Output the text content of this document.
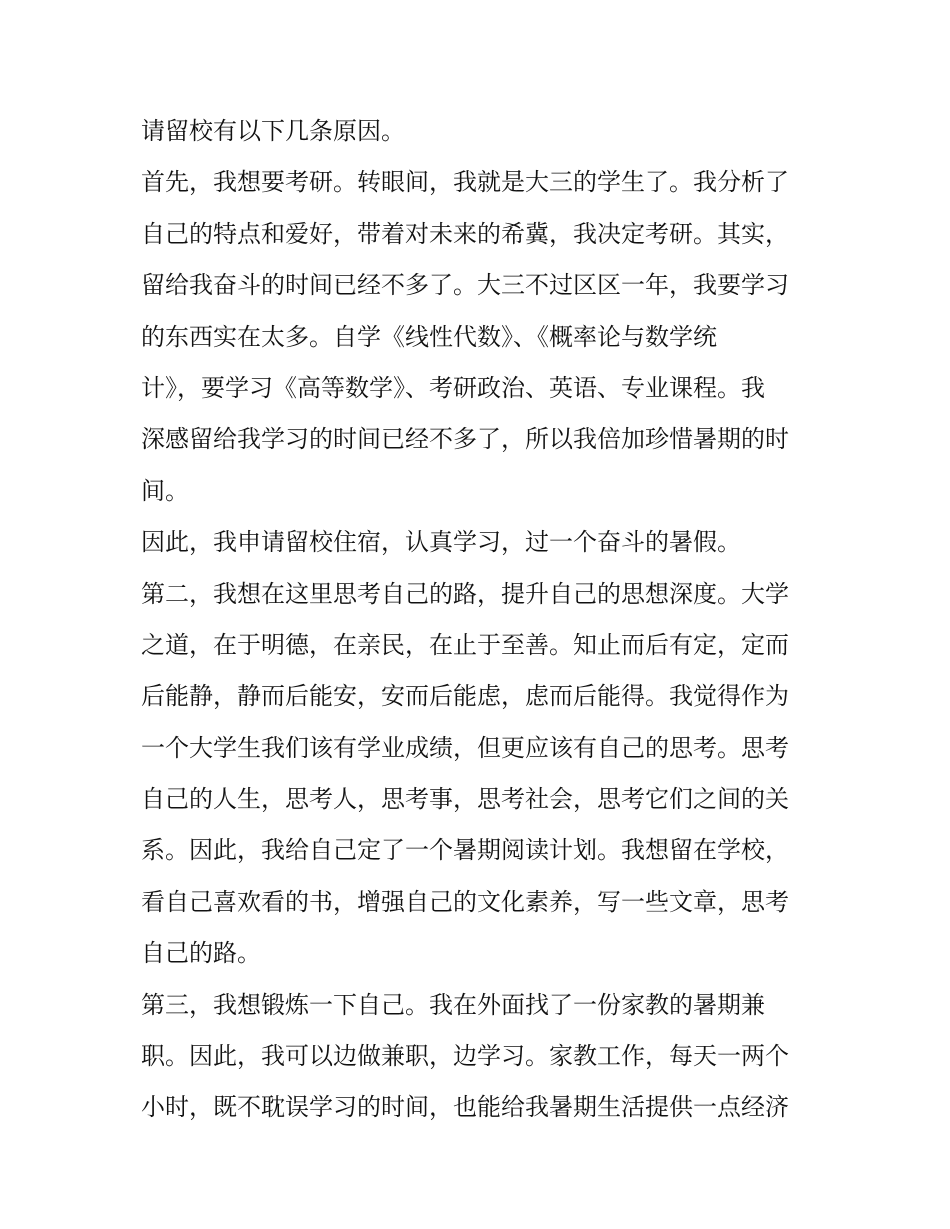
请留校有以下几条原因。
首先，我想要考研。转眼间，我就是大三的学生了。我分析了
自己的特点和爱好，带着对未来的希冀，我决定考研。其实，
留给我奋斗的时间已经不多了。大三不过区区一年，我要学习
的东西实在太多。自学《线性代数》、《概率论与数学统
计》，要学习《高等数学》、考研政治、英语、专业课程。我
深感留给我学习的时间已经不多了，所以我倍加珍惜暑期的时
间。
因此，我申请留校住宿，认真学习，过一个奋斗的暑假。
第二，我想在这里思考自己的路，提升自己的思想深度。大学
之道，在于明德，在亲民，在止于至善。知止而后有定，定而
后能静，静而后能安，安而后能虑，虑而后能得。我觉得作为
一个大学生我们该有学业成绩，但更应该有自己的思考。思考
自己的人生，思考人，思考事，思考社会，思考它们之间的关
系。因此，我给自己定了一个暑期阅读计划。我想留在学校，
看自己喜欢看的书，增强自己的文化素养，写一些文章，思考
自己的路。
第三，我想锻炼一下自己。我在外面找了一份家教的暑期兼
职。因此，我可以边做兼职，边学习。家教工作，每天一两个
小时，既不耽误学习的时间，也能给我暑期生活提供一点经济
